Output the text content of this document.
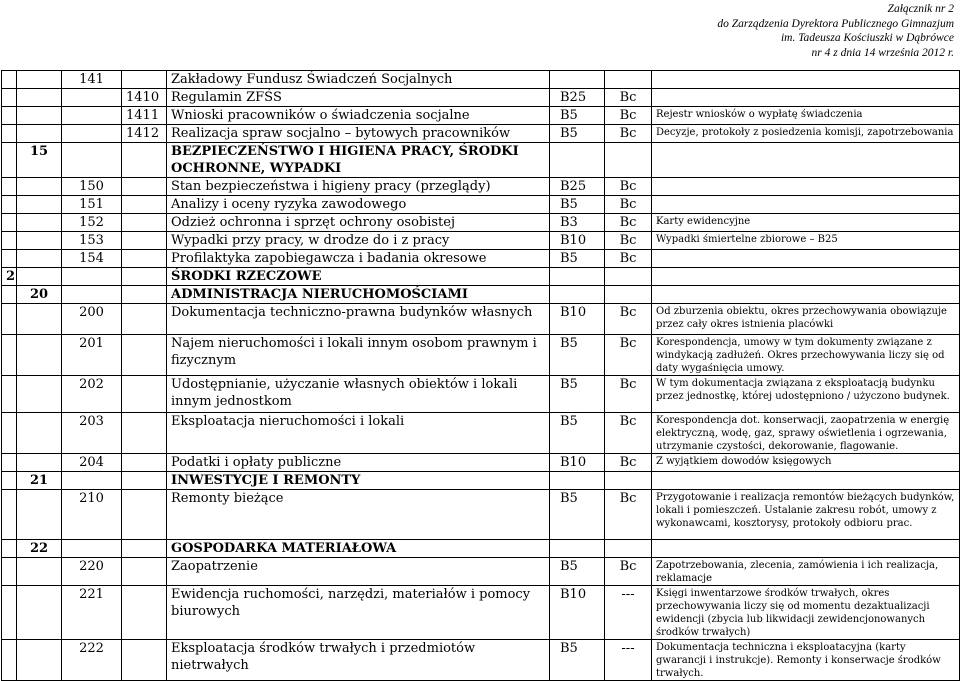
Załącznik nr 2
do Zarządzenia Dyrektora Publicznego Gimnazjum
im. Tadeusza Kościuszki w Dąbrówce
nr 4 z dnia 14 września 2012 r.
		141		Zakładowy Fundusz Świadczeń Socjalnych			
			1410	Regulamin ZFŚS	B25	Bc	
			1411	Wnioski pracowników o świadczenia socjalne	B5	Bc	Rejestr wniosków o wypłatę świadczenia
			1412	Realizacja spraw socjalno – bytowych pracowników	B5	Bc	Decyzje, protokoły z posiedzenia komisji, zapotrzebowania
	15			BEZPIECZEŃSTWO I HIGIENA PRACY, ŚRODKI OCHRONNE, WYPADKI			
		150		Stan bezpieczeństwa i higieny pracy (przeglądy)	B25	Bc	
		151		Analizy i oceny ryzyka zawodowego	B5	Bc	
		152		Odzież ochronna i sprzęt ochrony osobistej	B3	Bc	Karty ewidencyjne
		153		Wypadki przy pracy, w drodze do i z pracy	B10	Bc	Wypadki śmiertelne zbiorowe – B25
		154		Profilaktyka zapobiegawcza i badania okresowe	B5	Bc	
2				ŚRODKI RZECZOWE			
	20			ADMINISTRACJA NIERUCHOMOŚCIAMI			
		200		Dokumentacja techniczno-prawna budynków własnych	B10	Bc	Od zburzenia obiektu, okres przechowywania obowiązuje przez cały okres istnienia placówki
		201		Najem nieruchomości i lokali innym osobom prawnym i fizycznym	B5	Bc	Korespondencja, umowy w tym dokumenty związane z windykacją zadłużeń. Okres przechowywania liczy się od daty wygaśnięcia umowy.
		202		Udostępnianie, użyczanie własnych obiektów i lokali innym jednostkom	B5	Bc	W tym dokumentacja związana z eksploatacją budynku przez jednostkę, której udostępniono / użyczono budynek.
		203		Eksploatacja nieruchomości i lokali	B5	Bc	Korespondencja dot. konserwacji, zaopatrzenia w energię elektryczną, wodę, gaz, sprawy oświetlenia i ogrzewania, utrzymanie czystości, dekorowanie, flagowanie.
		204		Podatki i opłaty publiczne	B10	Bc	Z wyjątkiem dowodów księgowych
	21			INWESTYCJE I REMONTY			
		210		Remonty bieżące	B5	Bc	Przygotowanie i realizacja remontów bieżących budynków, lokali i pomieszczeń. Ustalanie zakresu robót, umowy z wykonawcami, kosztorysy, protokoły odbioru prac.
	22			GOSPODARKA MATERIAŁOWA			
		220		Zaopatrzenie	B5	Bc	Zapotrzebowania, zlecenia, zamówienia i ich realizacja, reklamacje
		221		Ewidencja ruchomości, narzędzi, materiałów i pomocy biurowych	B10	---	Księgi inwentarzowe środków trwałych, okres przechowywania liczy się od momentu dezaktualizacji ewidencji (zbycia lub likwidacji zewidencjonowanych środków trwałych)
		222		Eksploatacja środków trwałych i przedmiotów nietrwałych	B5	---	Dokumentacja techniczna i eksploatacyjna (karty gwarancji i instrukcje). Remonty i konserwacje środków trwałych.
